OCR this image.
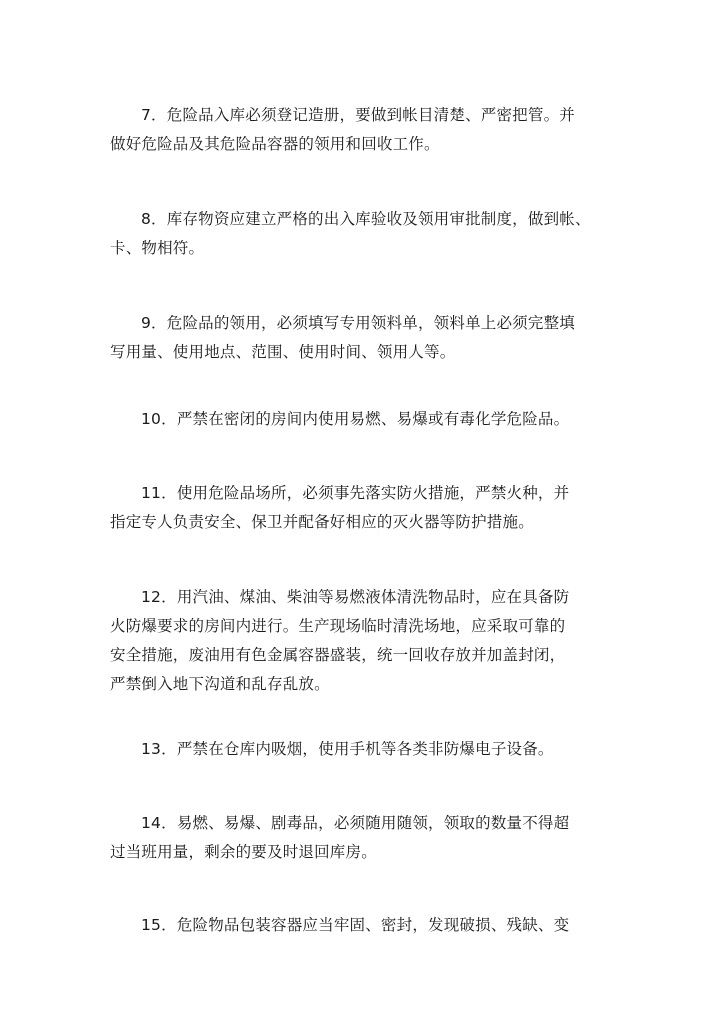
7．危险品入库必须登记造册，要做到帐目清楚、严密把管。并
做好危险品及其危险品容器的领用和回收工作。

8．库存物资应建立严格的出入库验收及领用审批制度，做到帐、
卡、物相符。

9．危险品的领用，必须填写专用领料单，领料单上必须完整填
写用量、使用地点、范围、使用时间、领用人等。

10．严禁在密闭的房间内使用易燃、易爆或有毒化学危险品。

11．使用危险品场所，必须事先落实防火措施，严禁火种，并
指定专人负责安全、保卫并配备好相应的灭火器等防护措施。

12．用汽油、煤油、柴油等易燃液体清洗物品时，应在具备防
火防爆要求的房间内进行。生产现场临时清洗场地，应采取可靠的
安全措施，废油用有色金属容器盛装，统一回收存放并加盖封闭，
严禁倒入地下沟道和乱存乱放。

13．严禁在仓库内吸烟，使用手机等各类非防爆电子设备。

14．易燃、易爆、剧毒品，必须随用随领，领取的数量不得超
过当班用量，剩余的要及时退回库房。

15．危险物品包装容器应当牢固、密封，发现破损、残缺、变
